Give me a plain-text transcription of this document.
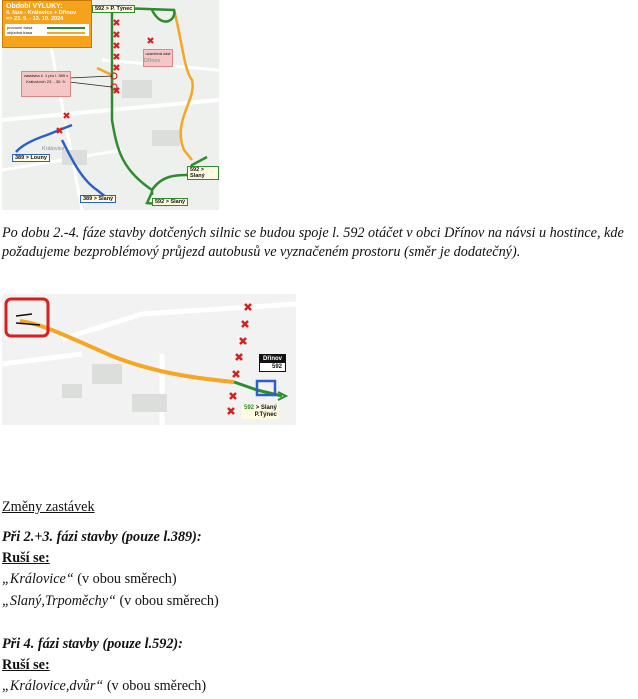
Období VÝLUKY:
4. fáze - Královice + Dřínov
=> 23. 9. - 13. 10. 2024
provozní trasa
objízdná trasa
zastávka č. 1 pro l. 389 v Královicích 23. - 30. 9.
uzavřená část
592 > P. Týnec
592 > Slaný
592 > Slaný
389 > Louny
389 > Slaný
Dřínov
Královice
Po dobu 2.-4. fáze stavby dotčených silnic se budou spoje l. 592 otáčet v obci Dřínov na návsi u hostince, kde požadujeme bezproblémový průjezd autobusů ve vyznačeném prostoru (směr je dodatečný).
Dřínov
592
592 > Slaný
P.Týnec
Změny zastávek
Při 2.+3. fázi stavby (pouze l.389):
Ruší se:
„Královice“ (v obou směrech)
„Slaný,Trpoměchy“ (v obou směrech)
Při 4. fázi stavby (pouze l.592):
Ruší se:
„Královice,dvůr“ (v obou směrech)
